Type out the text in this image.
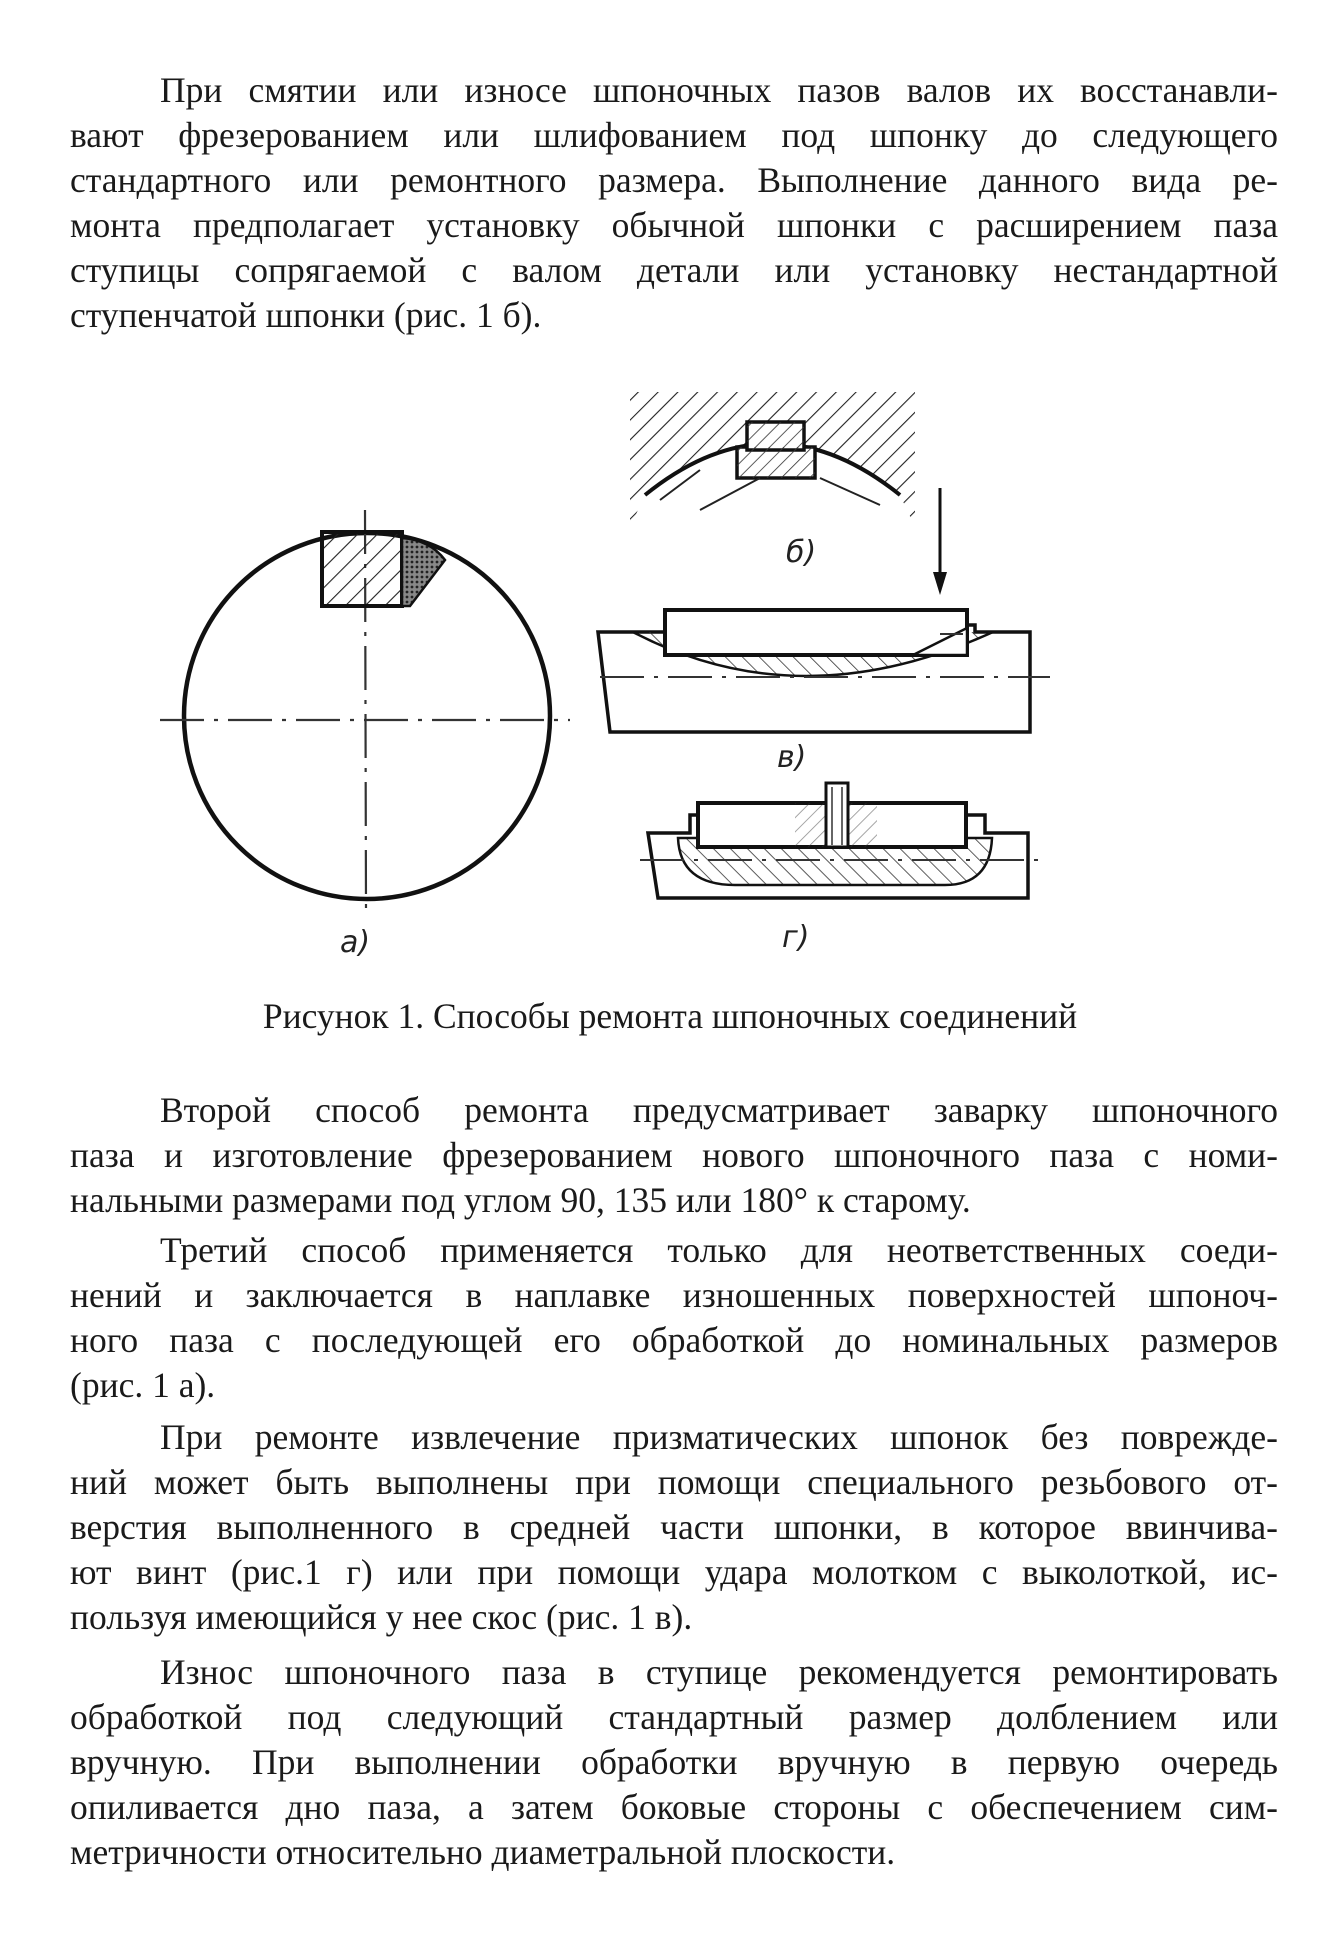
При смятии или износе шпоночных пазов валов их восстанавли-
вают фрезерованием или шлифованием под шпонку до следующего
стандартного или ремонтного размера. Выполнение данного вида ре-
монта предполагает установку обычной шпонки с расширением паза
ступицы сопрягаемой с валом детали или установку нестандартной
ступенчатой шпонки (рис. 1 б).
б)
в)
a)	г)
Рисунок 1. Способы ремонта шпоночных соединений
Второй способ ремонта предусматривает заварку шпоночного
паза и изготовление фрезерованием нового шпоночного паза с номи-
нальными размерами под углом 90, 135 или 180° к старому.
Третий способ применяется только для неответственных соеди-
нений и заключается в наплавке изношенных поверхностей шпоноч-
ного паза с последующей его обработкой до номинальных размеров
(рис. 1 а).
При ремонте извлечение призматических шпонок без поврежде-
ний может быть выполнены при помощи специального резьбового от-
верстия выполненного в средней части шпонки, в которое ввинчива-
ют винт (рис.1 г) или при помощи удара молотком с выколоткой, ис-
пользуя имеющийся у нее скос (рис. 1 в).
Износ шпоночного паза в ступице рекомендуется ремонтировать
обработкой под следующий стандартный размер долблением или
вручную. При выполнении обработки вручную в первую очередь
опиливается дно паза, а затем боковые стороны с обеспечением сим-
метричности относительно диаметральной плоскости.
